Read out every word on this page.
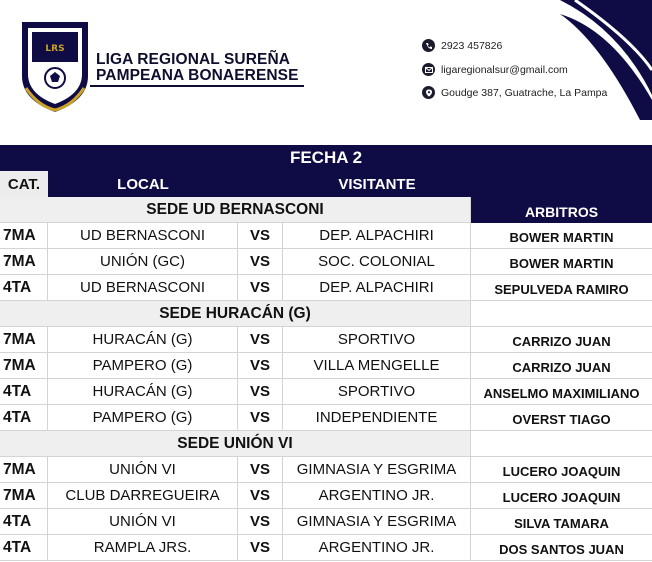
LRS
LIGA REGIONAL SUREÑA
PAMPEANA BONAERENSE
2923 457826
ligaregionalsur@gmail.com
Goudge 387, Guatrache, La Pampa
FECHA 2
CAT.	LOCAL	VISITANTE
SEDE UD BERNASCONI	ARBITROS
7MA	UD BERNASCONI	VS	DEP. ALPACHIRI	BOWER MARTIN
7MA	UNIÓN (GC)	VS	SOC. COLONIAL	BOWER MARTIN
4TA	UD BERNASCONI	VS	DEP. ALPACHIRI	SEPULVEDA RAMIRO
SEDE HURACÁN (G)
7MA	HURACÁN (G)	VS	SPORTIVO	CARRIZO JUAN
7MA	PAMPERO (G)	VS	VILLA MENGELLE	CARRIZO JUAN
4TA	HURACÁN (G)	VS	SPORTIVO	ANSELMO MAXIMILIANO
4TA	PAMPERO (G)	VS	INDEPENDIENTE	OVERST TIAGO
SEDE UNIÓN VI
7MA	UNIÓN VI	VS	GIMNASIA Y ESGRIMA	LUCERO JOAQUIN
7MA	CLUB DARREGUEIRA	VS	ARGENTINO JR.	LUCERO JOAQUIN
4TA	UNIÓN VI	VS	GIMNASIA Y ESGRIMA	SILVA TAMARA
4TA	RAMPLA JRS.	VS	ARGENTINO JR.	DOS SANTOS JUAN
